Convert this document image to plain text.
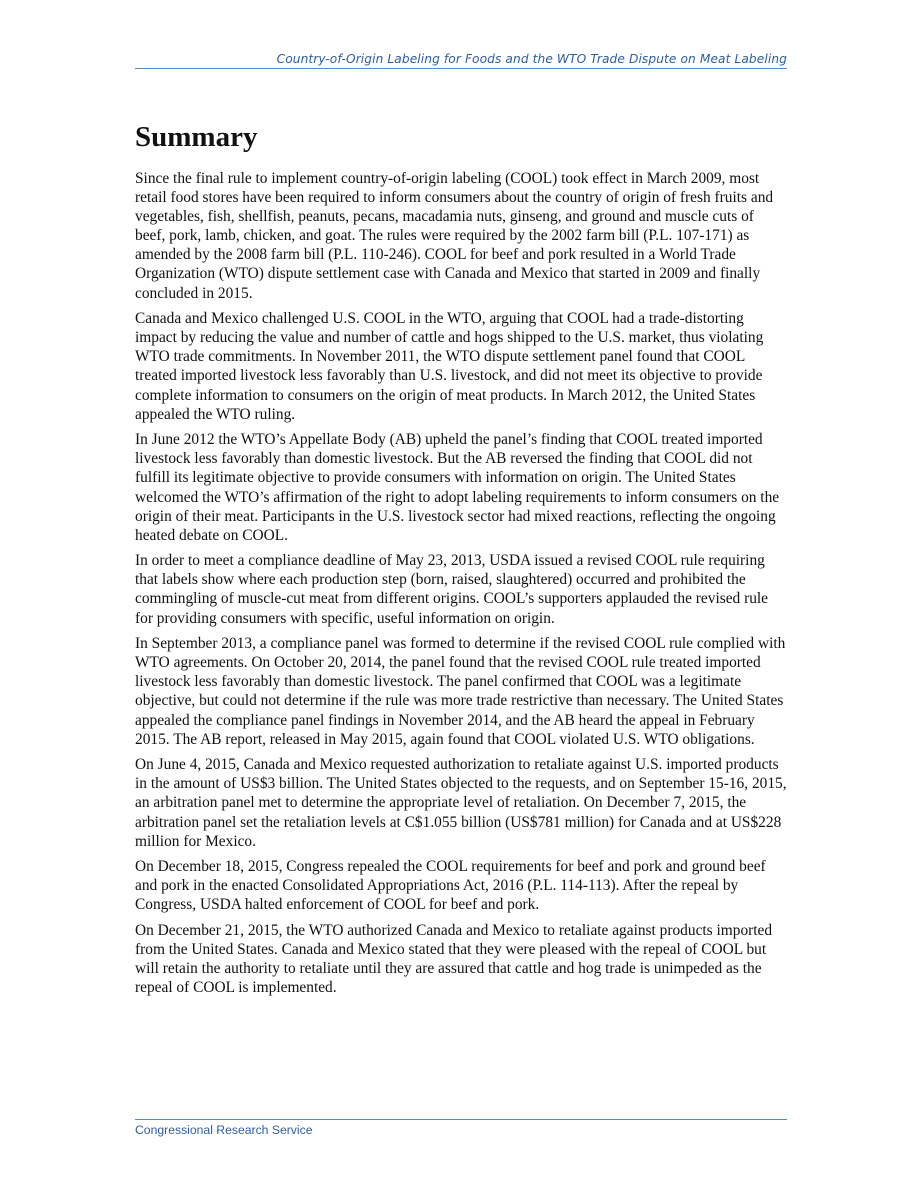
Country-of-Origin Labeling for Foods and the WTO Trade Dispute on Meat Labeling
Summary

Since the final rule to implement country-of-origin labeling (COOL) took effect in March 2009, most retail food stores have been required to inform consumers about the country of origin of fresh fruits and vegetables, fish, shellfish, peanuts, pecans, macadamia nuts, ginseng, and ground and muscle cuts of beef, pork, lamb, chicken, and goat. The rules were required by the 2002 farm bill (P.L. 107-171) as amended by the 2008 farm bill (P.L. 110-246). COOL for beef and pork resulted in a World Trade Organization (WTO) dispute settlement case with Canada and Mexico that started in 2009 and finally concluded in 2015.

Canada and Mexico challenged U.S. COOL in the WTO, arguing that COOL had a trade-distorting impact by reducing the value and number of cattle and hogs shipped to the U.S. market, thus violating WTO trade commitments. In November 2011, the WTO dispute settlement panel found that COOL treated imported livestock less favorably than U.S. livestock, and did not meet its objective to provide complete information to consumers on the origin of meat products. In March 2012, the United States appealed the WTO ruling.

In June 2012 the WTO’s Appellate Body (AB) upheld the panel’s finding that COOL treated imported livestock less favorably than domestic livestock. But the AB reversed the finding that COOL did not fulfill its legitimate objective to provide consumers with information on origin. The United States welcomed the WTO’s affirmation of the right to adopt labeling requirements to inform consumers on the origin of their meat. Participants in the U.S. livestock sector had mixed reactions, reflecting the ongoing heated debate on COOL.

In order to meet a compliance deadline of May 23, 2013, USDA issued a revised COOL rule requiring that labels show where each production step (born, raised, slaughtered) occurred and prohibited the commingling of muscle-cut meat from different origins. COOL’s supporters applauded the revised rule for providing consumers with specific, useful information on origin.

In September 2013, a compliance panel was formed to determine if the revised COOL rule complied with WTO agreements. On October 20, 2014, the panel found that the revised COOL rule treated imported livestock less favorably than domestic livestock. The panel confirmed that COOL was a legitimate objective, but could not determine if the rule was more trade restrictive than necessary. The United States appealed the compliance panel findings in November 2014, and the AB heard the appeal in February 2015. The AB report, released in May 2015, again found that COOL violated U.S. WTO obligations.

On June 4, 2015, Canada and Mexico requested authorization to retaliate against U.S. imported products in the amount of US$3 billion. The United States objected to the requests, and on September 15-16, 2015, an arbitration panel met to determine the appropriate level of retaliation. On December 7, 2015, the arbitration panel set the retaliation levels at C$1.055 billion (US$781 million) for Canada and at US$228 million for Mexico.

On December 18, 2015, Congress repealed the COOL requirements for beef and pork and ground beef and pork in the enacted Consolidated Appropriations Act, 2016 (P.L. 114-113). After the repeal by Congress, USDA halted enforcement of COOL for beef and pork.

On December 21, 2015, the WTO authorized Canada and Mexico to retaliate against products imported from the United States. Canada and Mexico stated that they were pleased with the repeal of COOL but will retain the authority to retaliate until they are assured that cattle and hog trade is unimpeded as the repeal of COOL is implemented.

Congressional Research Service
